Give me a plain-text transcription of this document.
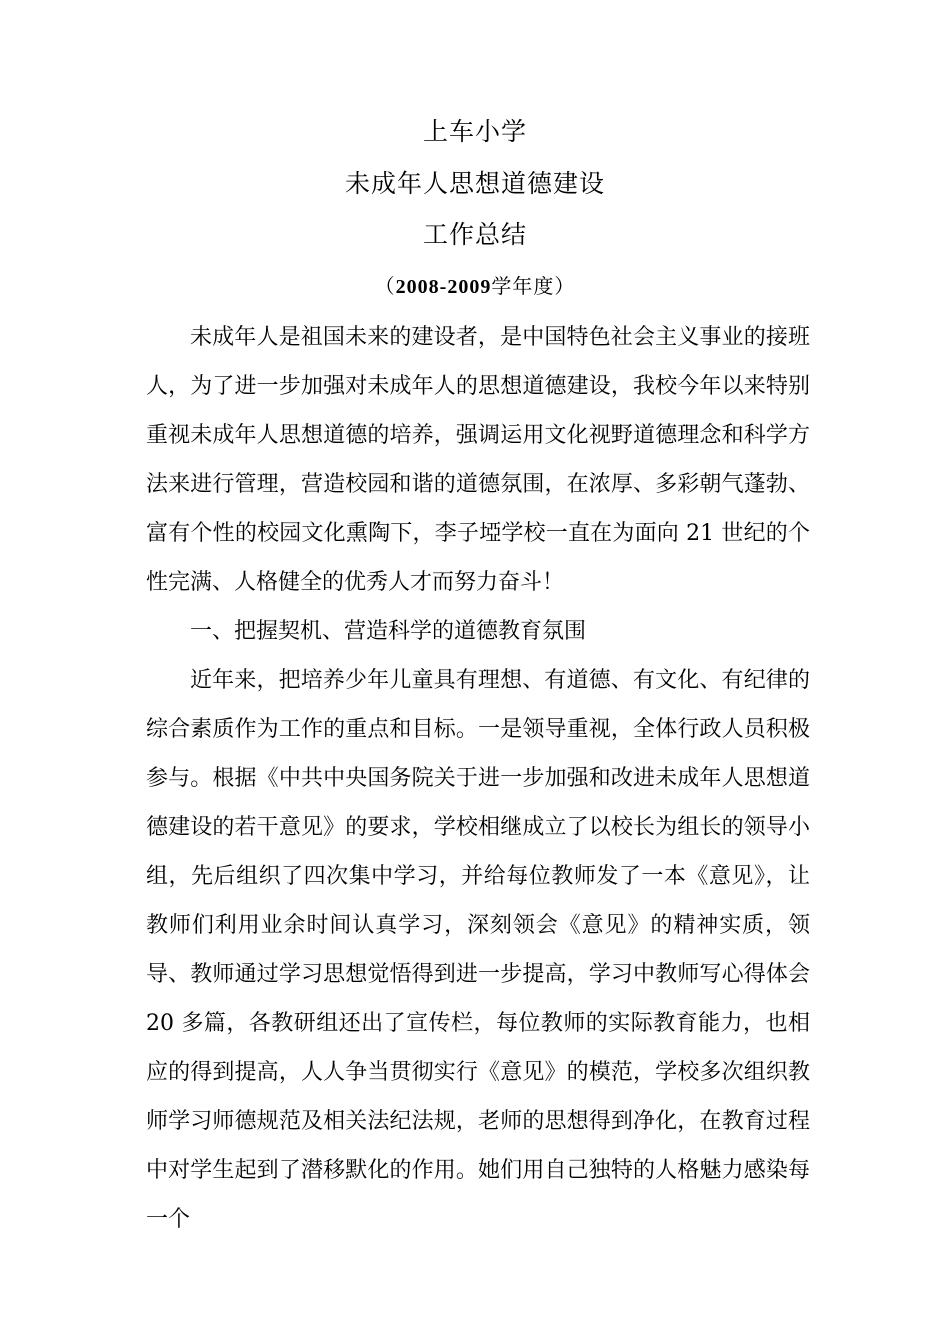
上车小学
未成年人思想道德建设
工作总结
（2008-2009学年度）

未成年人是祖国未来的建设者，是中国特色社会主义事业的接班人，为了进一步加强对未成年人的思想道德建设，我校今年以来特别重视未成年人思想道德的培养，强调运用文化视野道德理念和科学方法来进行管理，营造校园和谐的道德氛围，在浓厚、多彩朝气蓬勃、富有个性的校园文化熏陶下，李子埡学校一直在为面向 21 世纪的个性完满、人格健全的优秀人才而努力奋斗！

一、把握契机、营造科学的道德教育氛围

近年来，把培养少年儿童具有理想、有道德、有文化、有纪律的综合素质作为工作的重点和目标。一是领导重视，全体行政人员积极参与。根据《中共中央国务院关于进一步加强和改进未成年人思想道德建设的若干意见》的要求，学校相继成立了以校长为组长的领导小组，先后组织了四次集中学习，并给每位教师发了一本《意见》，让教师们利用业余时间认真学习，深刻领会《意见》的精神实质，领导、教师通过学习思想觉悟得到进一步提高，学习中教师写心得体会 20 多篇，各教研组还出了宣传栏，每位教师的实际教育能力，也相应的得到提高，人人争当贯彻实行《意见》的模范，学校多次组织教师学习师德规范及相关法纪法规，老师的思想得到净化，在教育过程中对学生起到了潜移默化的作用。她们用自己独特的人格魅力感染每一个
